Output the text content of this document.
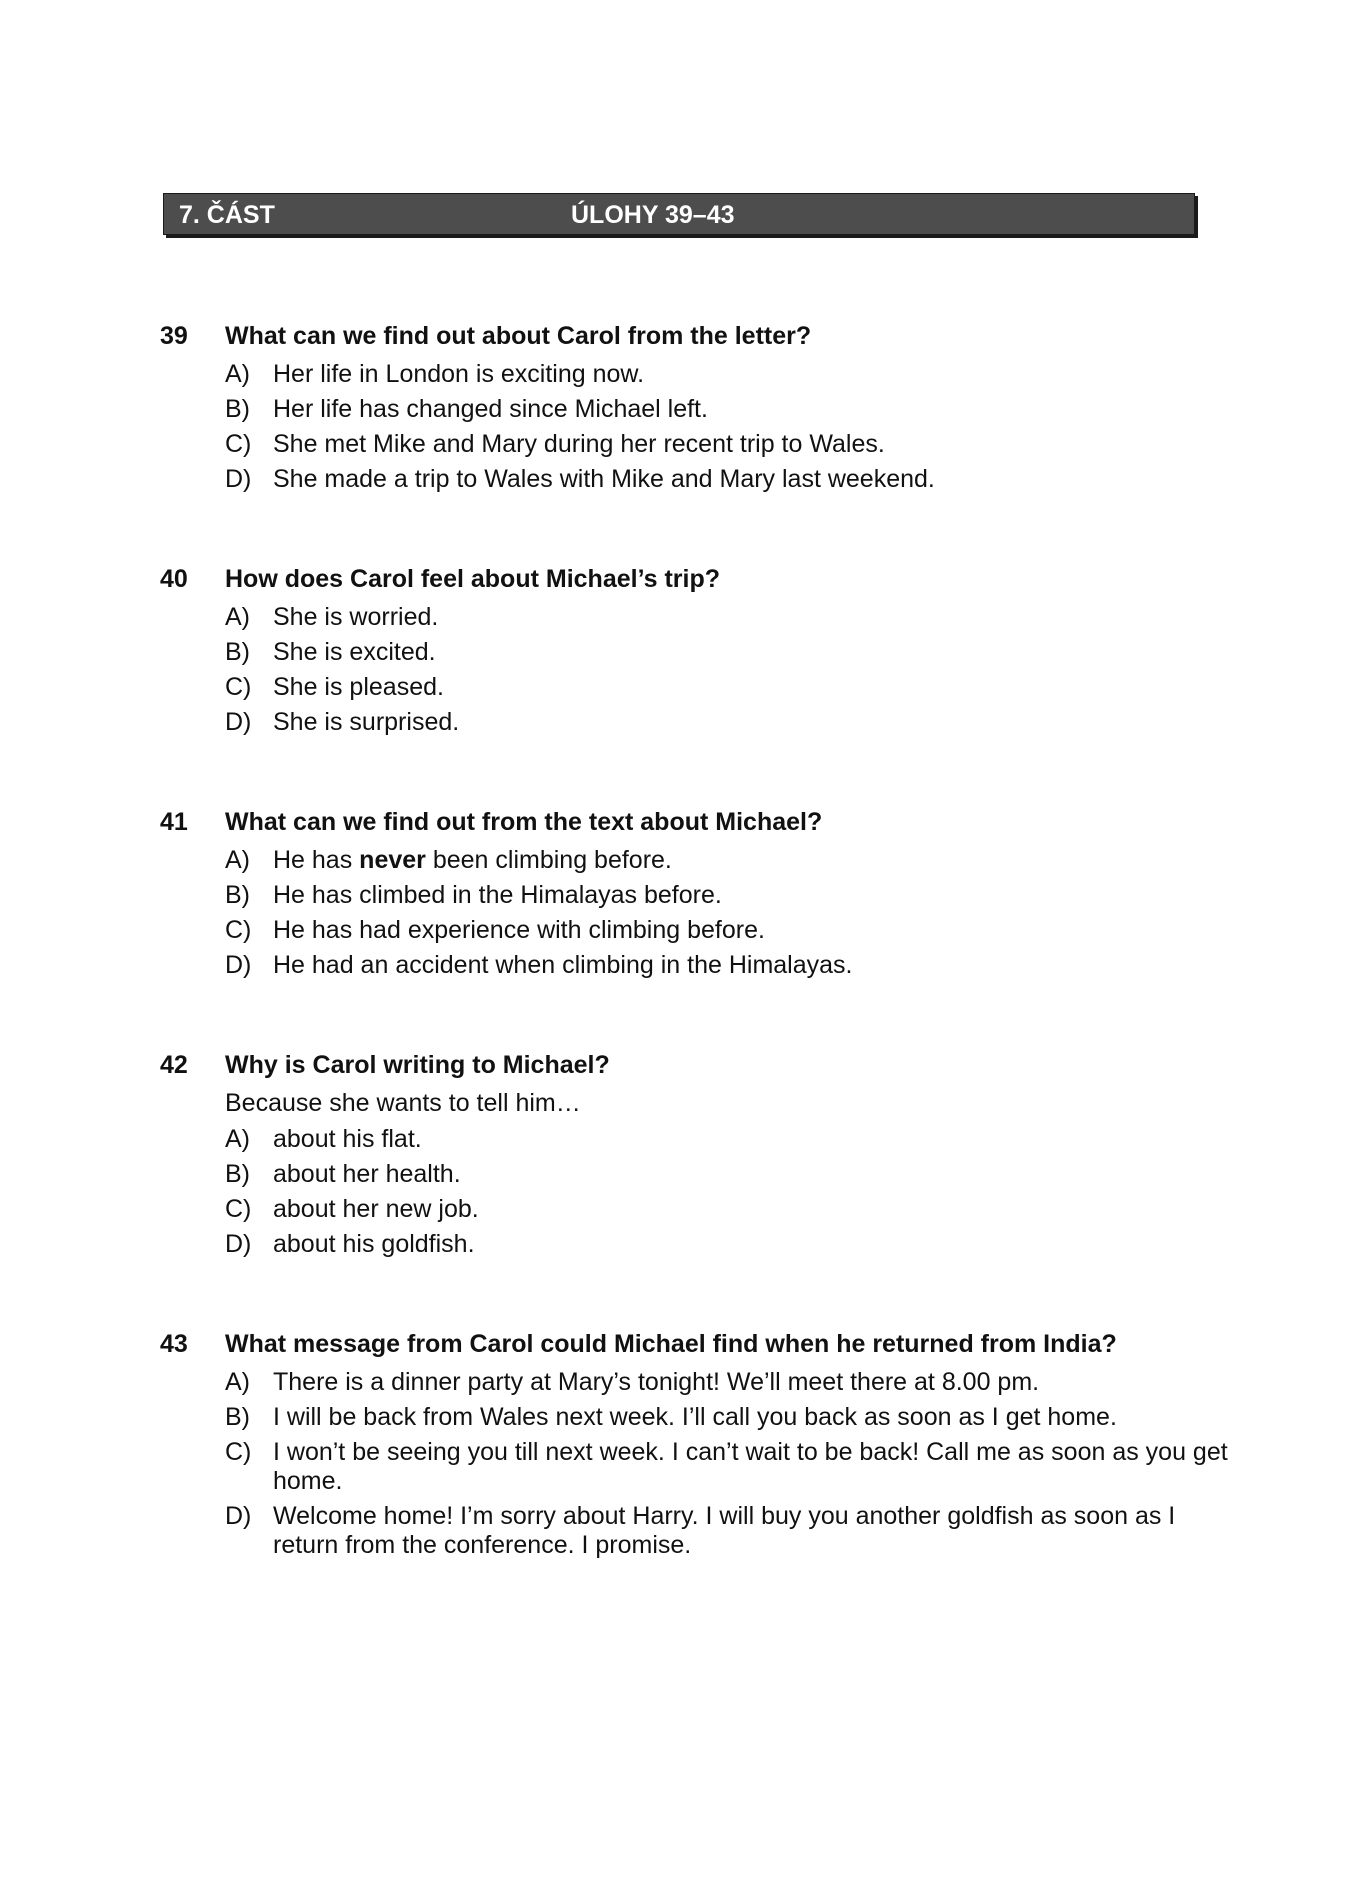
7. ČÁST	ÚLOHY 39–43
39 What can we find out about Carol from the letter?
A) Her life in London is exciting now.
B) Her life has changed since Michael left.
C) She met Mike and Mary during her recent trip to Wales.
D) She made a trip to Wales with Mike and Mary last weekend.
40 How does Carol feel about Michael’s trip?
A) She is worried.
B) She is excited.
C) She is pleased.
D) She is surprised.
41 What can we find out from the text about Michael?
A) He has never been climbing before.
B) He has climbed in the Himalayas before.
C) He has had experience with climbing before.
D) He had an accident when climbing in the Himalayas.
42 Why is Carol writing to Michael?
Because she wants to tell him…
A) about his flat.
B) about her health.
C) about her new job.
D) about his goldfish.
43 What message from Carol could Michael find when he returned from India?
A) There is a dinner party at Mary’s tonight! We’ll meet there at 8.00 pm.
B) I will be back from Wales next week. I’ll call you back as soon as I get home.
C) I won’t be seeing you till next week. I can’t wait to be back! Call me as soon as you get home.
D) Welcome home! I’m sorry about Harry. I will buy you another goldfish as soon as I return from the conference. I promise.
